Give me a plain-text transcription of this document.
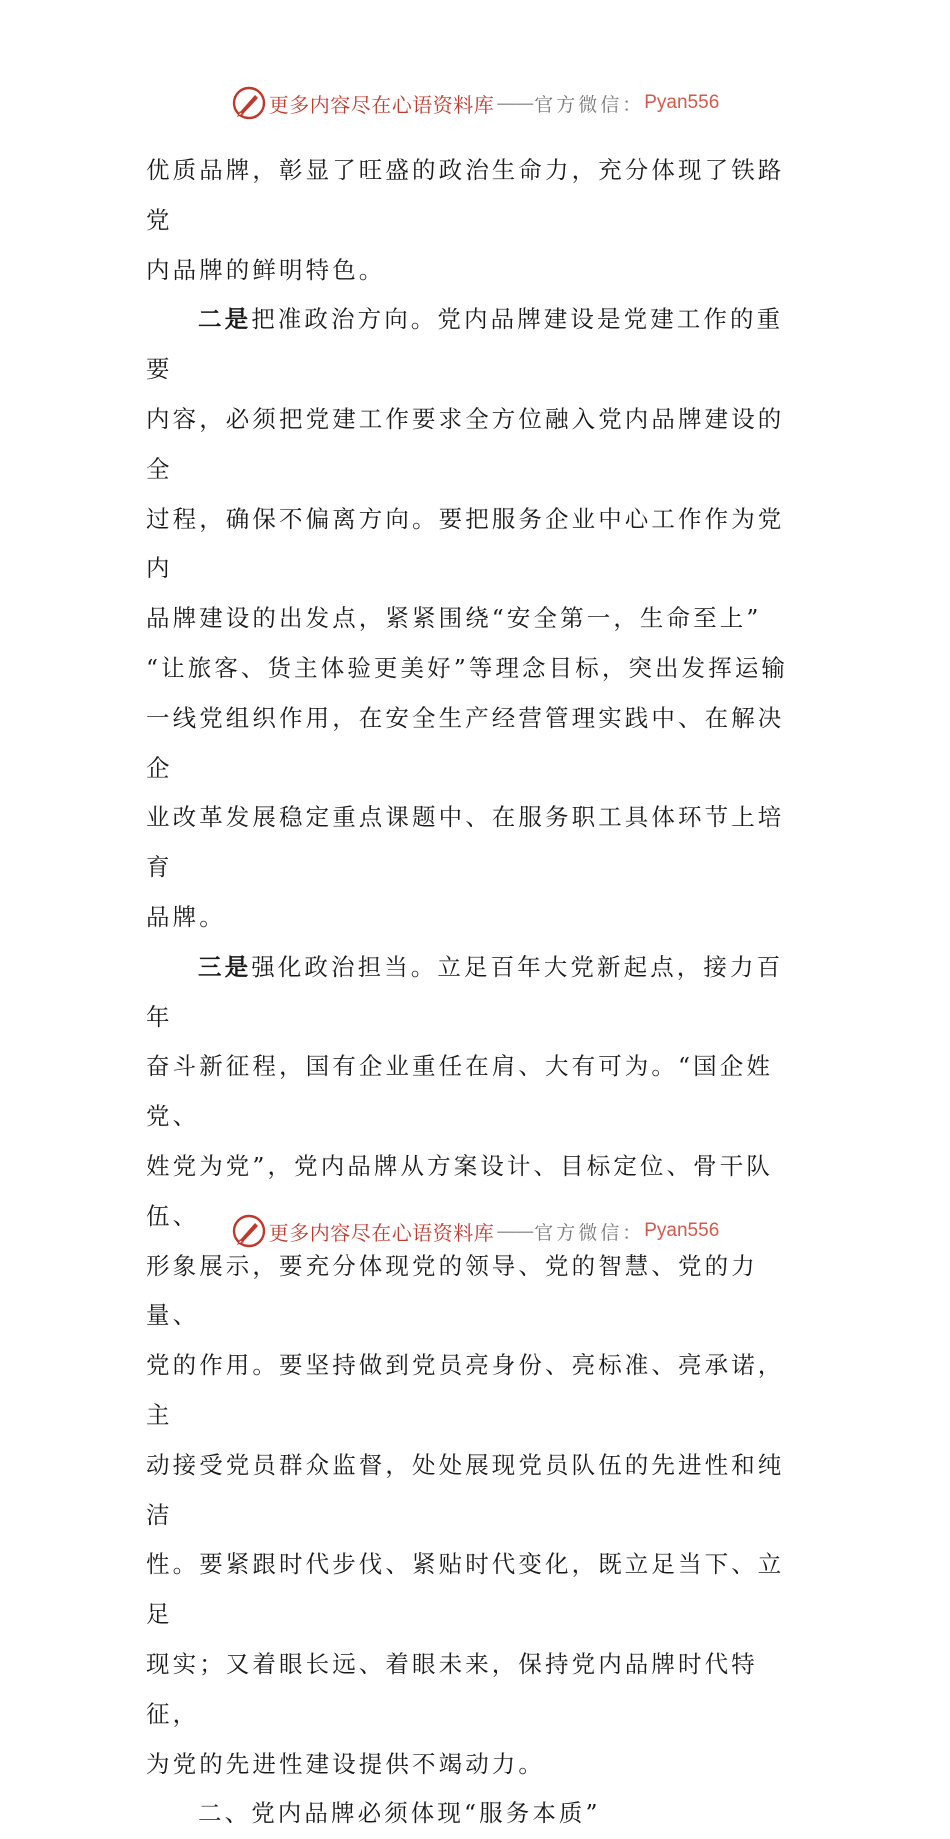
更多内容尽在心语资料库 —— 官方微信： Pyan556

优质品牌，彰显了旺盛的政治生命力，充分体现了铁路党
内品牌的鲜明特色。

二是把准政治方向。党内品牌建设是党建工作的重要
内容，必须把党建工作要求全方位融入党内品牌建设的全
过程，确保不偏离方向。要把服务企业中心工作作为党内
品牌建设的出发点，紧紧围绕“安全第一，生命至上”
“让旅客、货主体验更美好”等理念目标，突出发挥运输
一线党组织作用，在安全生产经营管理实践中、在解决企
业改革发展稳定重点课题中、在服务职工具体环节上培育
品牌。

三是强化政治担当。立足百年大党新起点，接力百年
奋斗新征程，国有企业重任在肩、大有可为。“国企姓党、
姓党为党”，党内品牌从方案设计、目标定位、骨干队伍、
形象展示，要充分体现党的领导、党的智慧、党的力量、
党的作用。要坚持做到党员亮身份、亮标准、亮承诺，主
动接受党员群众监督，处处展现党员队伍的先进性和纯洁
性。要紧跟时代步伐、紧贴时代变化，既立足当下、立足
现实；又着眼长远、着眼未来，保持党内品牌时代特征，
为党的先进性建设提供不竭动力。

二、党内品牌必须体现“服务本质”

更多内容尽在心语资料库 —— 官方微信： Pyan556
